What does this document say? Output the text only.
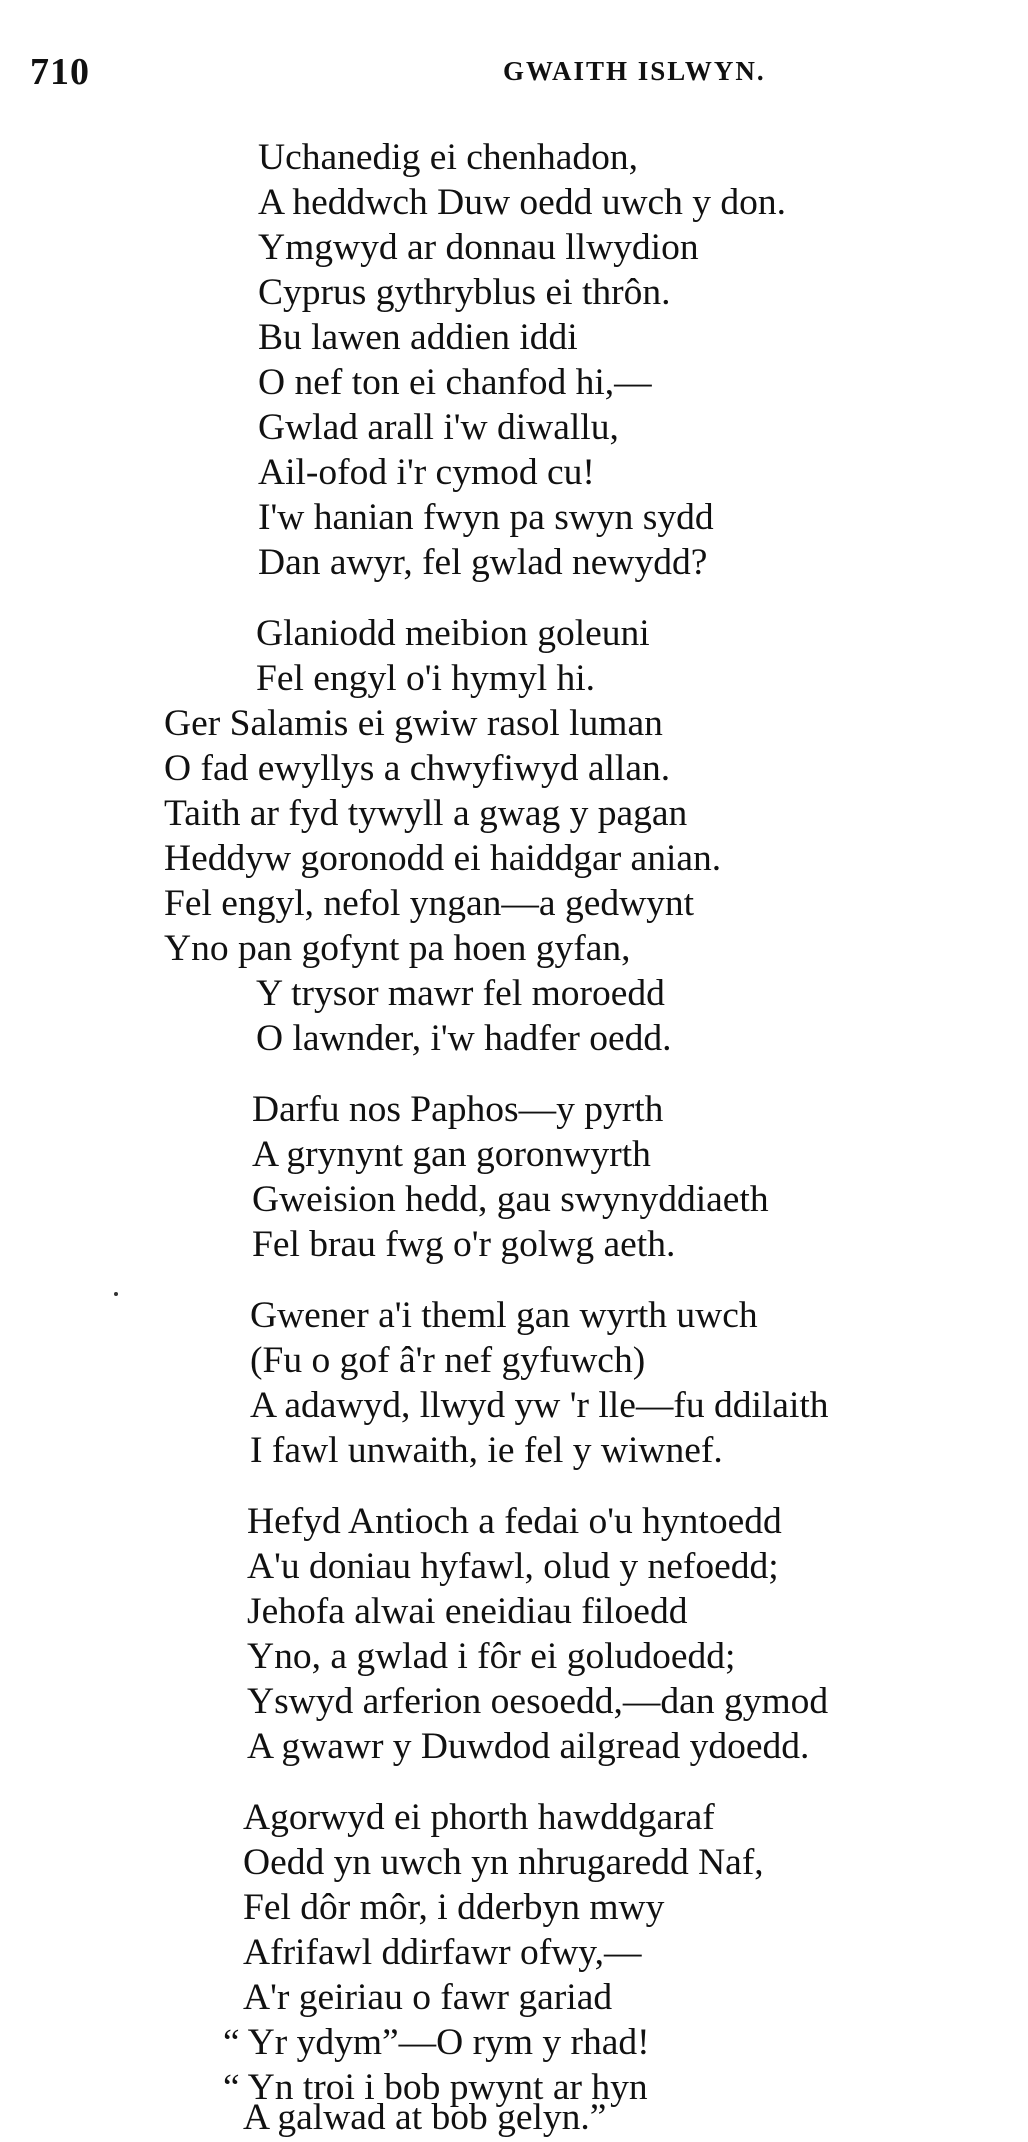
710	GWAITH ISLWYN.
Uchanedig ei chenhadon,
A heddwch Duw oedd uwch y don.
Ymgwyd ar donnau llwydion
Cyprus gythryblus ei thrôn.
Bu lawen addien iddi
O nef ton ei chanfod hi,—
Gwlad arall i'w diwallu,
Ail-ofod i'r cymod cu!
I'w hanian fwyn pa swyn sydd
Dan awyr, fel gwlad newydd?
Glaniodd meibion goleuni
Fel engyl o'i hymyl hi.
Ger Salamis ei gwiw rasol luman
O fad ewyllys a chwyfiwyd allan.
Taith ar fyd tywyll a gwag y pagan
Heddyw goronodd ei haiddgar anian.
Fel engyl, nefol yngan—a gedwynt
Yno pan gofynt pa hoen gyfan,
Y trysor mawr fel moroedd
O lawnder, i'w hadfer oedd.
Darfu nos Paphos—y pyrth
A grynynt gan goronwyrth
Gweision hedd, gau swynyddiaeth
Fel brau fwg o'r golwg aeth.
Gwener a'i theml gan wyrth uwch
(Fu o gof â'r nef gyfuwch)
A adawyd, llwyd yw 'r lle—fu ddilaith
I fawl unwaith, ie fel y wiwnef.
Hefyd Antioch a fedai o'u hyntoedd
A'u doniau hyfawl, olud y nefoedd;
Jehofa alwai eneidiau filoedd
Yno, a gwlad i fôr ei goludoedd;
Yswyd arferion oesoedd,—dan gymod
A gwawr y Duwdod ailgread ydoedd.
Agorwyd ei phorth hawddgaraf
Oedd yn uwch yn nhrugaredd Naf,
Fel dôr môr, i dderbyn mwy
Afrifawl ddirfawr ofwy,—
A'r geiriau o fawr gariad
“ Yr ydym”—O rym y rhad!
“ Yn troi i bob pwynt ar hyn
A galwad at bob gelyn.”
